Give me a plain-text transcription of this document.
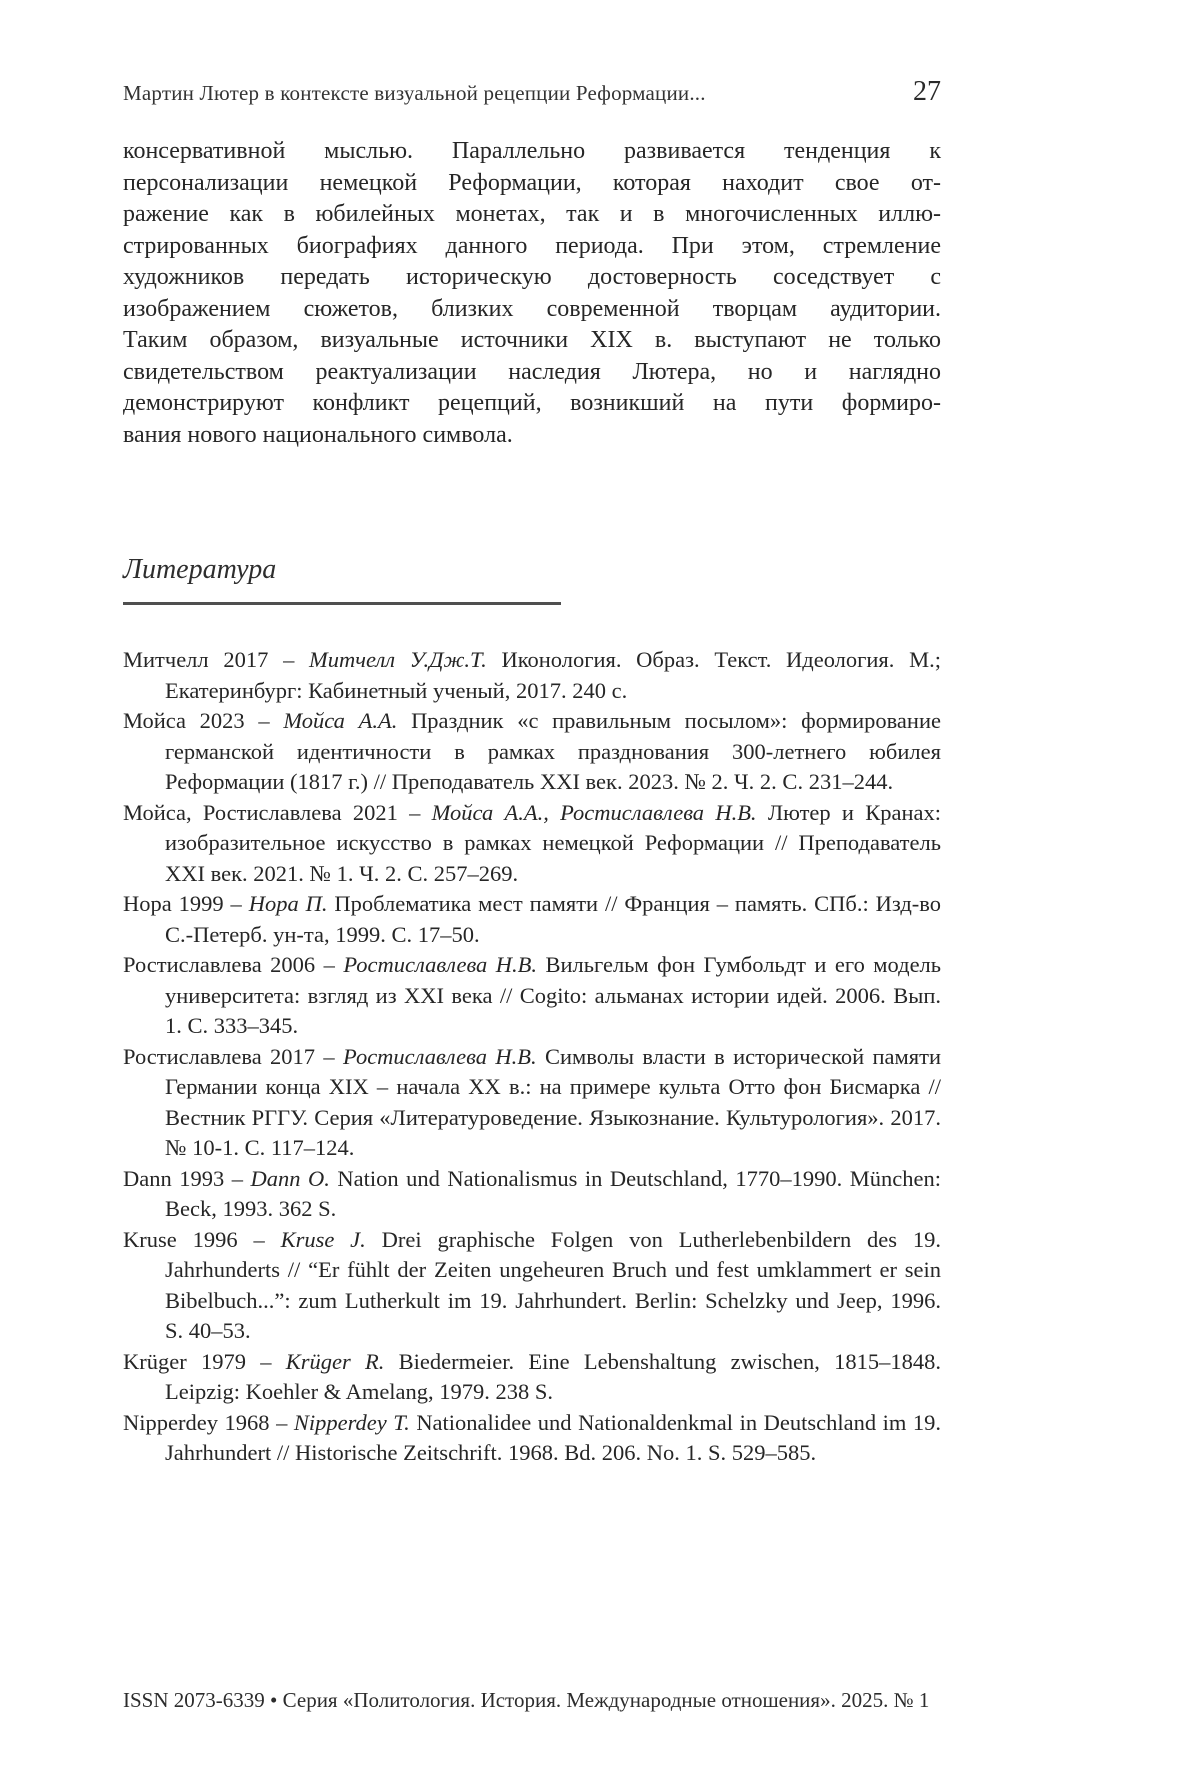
Мартин Лютер в контексте визуальной рецепции Реформации...	27
консервативной мыслью. Параллельно развивается тенденция к
персонализации немецкой Реформации, которая находит свое от-
ражение как в юбилейных монетах, так и в многочисленных иллю-
стрированных биографиях данного периода. При этом, стремление
художников передать историческую достоверность соседствует с
изображением сюжетов, близких современной творцам аудитории.
Таким образом, визуальные источники XIX в. выступают не только
свидетельством реактуализации наследия Лютера, но и наглядно
демонстрируют конфликт рецепций, возникший на пути формиро-
вания нового национального символа.
Литература
Митчелл 2017 – Митчелл У.Дж.Т. Иконология. Образ. Текст. Идеология. М.; Екатеринбург: Кабинетный ученый, 2017. 240 с.
Мойса 2023 – Мойса А.А. Праздник «с правильным посылом»: формирование германской идентичности в рамках празднования 300-летнего юбилея Реформации (1817 г.) // Преподаватель XXI век. 2023. № 2. Ч. 2. С. 231–244.
Мойса, Ростиславлева 2021 – Мойса А.А., Ростиславлева Н.В. Лютер и Кранах: изобразительное искусство в рамках немецкой Реформации // Преподаватель XXI век. 2021. № 1. Ч. 2. С. 257–269.
Нора 1999 – Нора П. Проблематика мест памяти // Франция – память. СПб.: Изд-во С.-Петерб. ун-та, 1999. С. 17–50.
Ростиславлева 2006 – Ростиславлева Н.В. Вильгельм фон Гумбольдт и его модель университета: взгляд из XXI века // Cogito: альманах истории идей. 2006. Вып. 1. С. 333–345.
Ростиславлева 2017 – Ростиславлева Н.В. Символы власти в исторической памяти Германии конца XIX – начала XX в.: на примере культа Отто фон Бисмарка // Вестник РГГУ. Серия «Литературоведение. Языкознание. Культурология». 2017. № 10-1. С. 117–124.
Dann 1993 – Dann O. Nation und Nationalismus in Deutschland, 1770–1990. München: Beck, 1993. 362 S.
Kruse 1996 – Kruse J. Drei graphische Folgen von Lutherlebenbildern des 19. Jahrhunderts // “Er fühlt der Zeiten ungeheuren Bruch und fest umklammert er sein Bibelbuch...”: zum Lutherkult im 19. Jahrhundert. Berlin: Schelzky und Jeep, 1996. S. 40–53.
Krüger 1979 – Krüger R. Biedermeier. Eine Lebenshaltung zwischen, 1815–1848. Leipzig: Koehler & Amelang, 1979. 238 S.
Nipperdey 1968 – Nipperdey T. Nationalidee und Nationaldenkmal in Deutschland im 19. Jahrhundert // Historische Zeitschrift. 1968. Bd. 206. No. 1. S. 529–585.
ISSN 2073-6339 • Серия «Политология. История. Международные отношения». 2025. № 1
